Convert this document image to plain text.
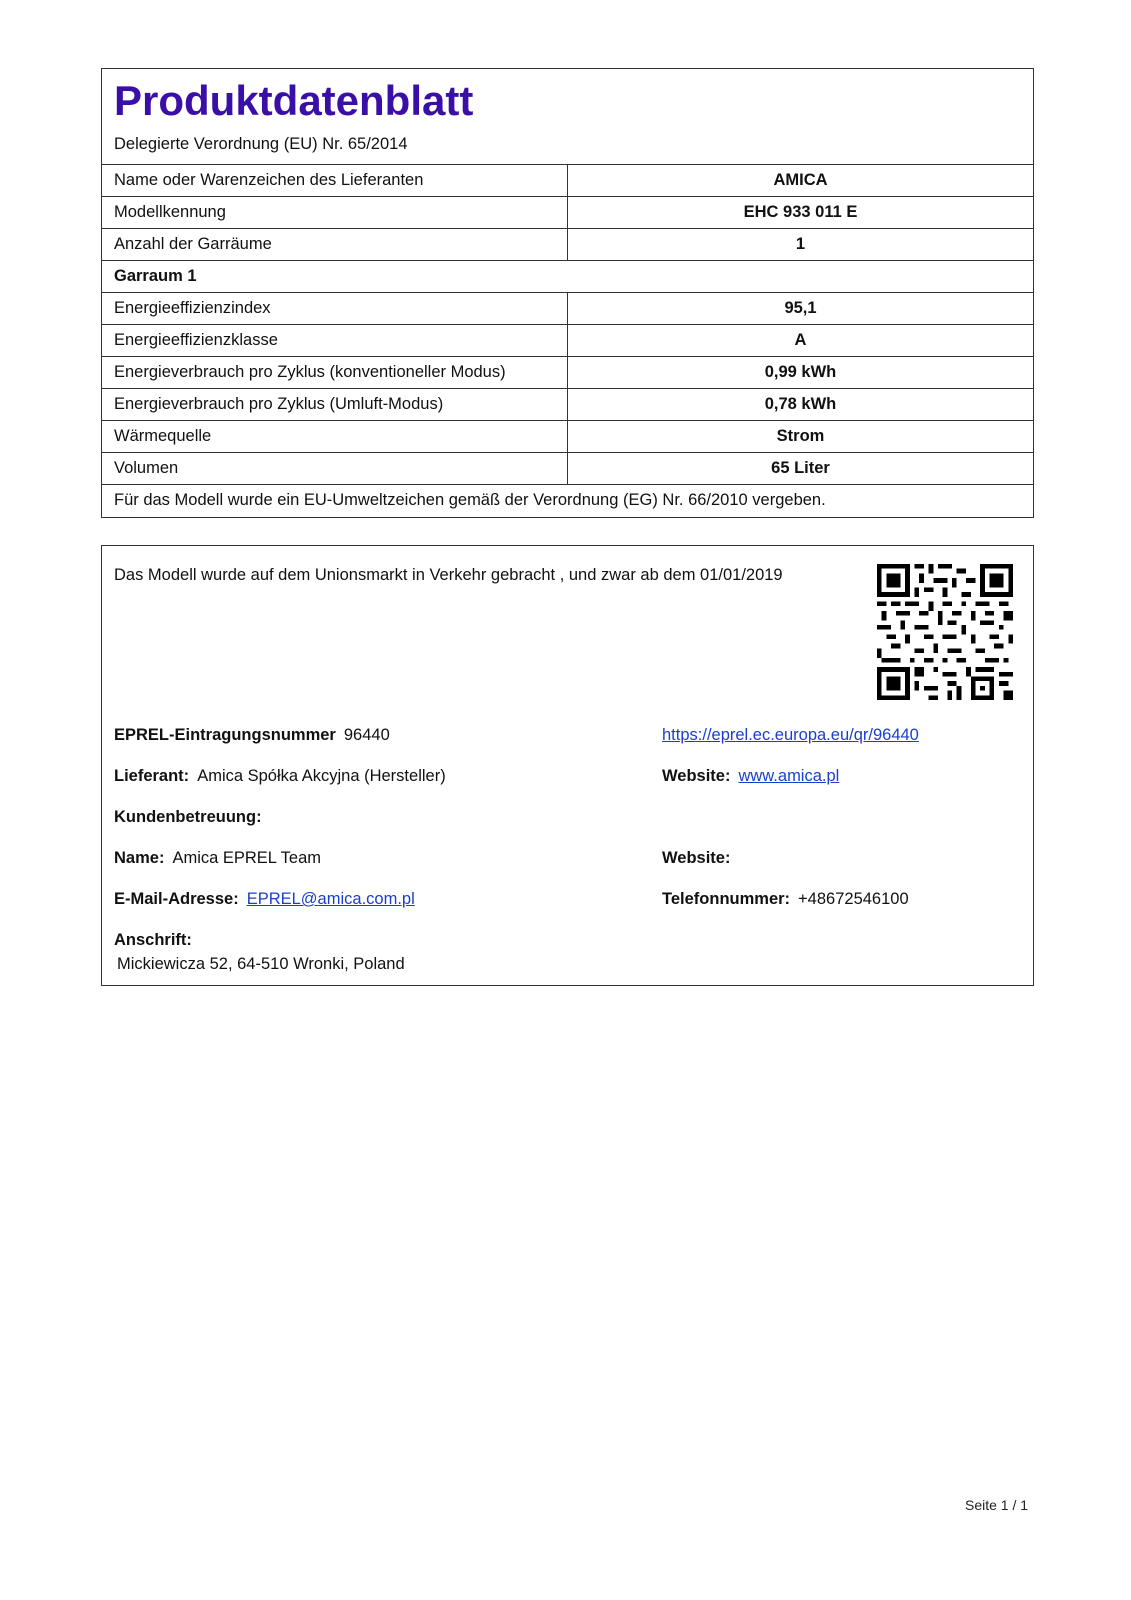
Produktdatenblatt
Delegierte Verordnung (EU) Nr. 65/2014
Name oder Warenzeichen des Lieferanten	AMICA
Modellkennung	EHC 933 011 E
Anzahl der Garräume	1
Garraum 1
Energieeffizienzindex	95,1
Energieeffizienzklasse	A
Energieverbrauch pro Zyklus (konventioneller Modus)	0,99 kWh
Energieverbrauch pro Zyklus (Umluft-Modus)	0,78 kWh
Wärmequelle	Strom
Volumen	65 Liter
Für das Modell wurde ein EU-Umweltzeichen gemäß der Verordnung (EG) Nr. 66/2010 vergeben.
Das Modell wurde auf dem Unionsmarkt in Verkehr gebracht , und zwar ab dem 01/01/2019
EPREL-Eintragungsnummer 96440	https://eprel.ec.europa.eu/qr/96440
Lieferant: Amica Spółka Akcyjna (Hersteller)	Website: www.amica.pl
Kundenbetreuung:
Name: Amica EPREL Team	Website:
E-Mail-Adresse: EPREL@amica.com.pl	Telefonnummer: +48672546100
Anschrift:
Mickiewicza 52, 64-510 Wronki, Poland
Seite 1 / 1
